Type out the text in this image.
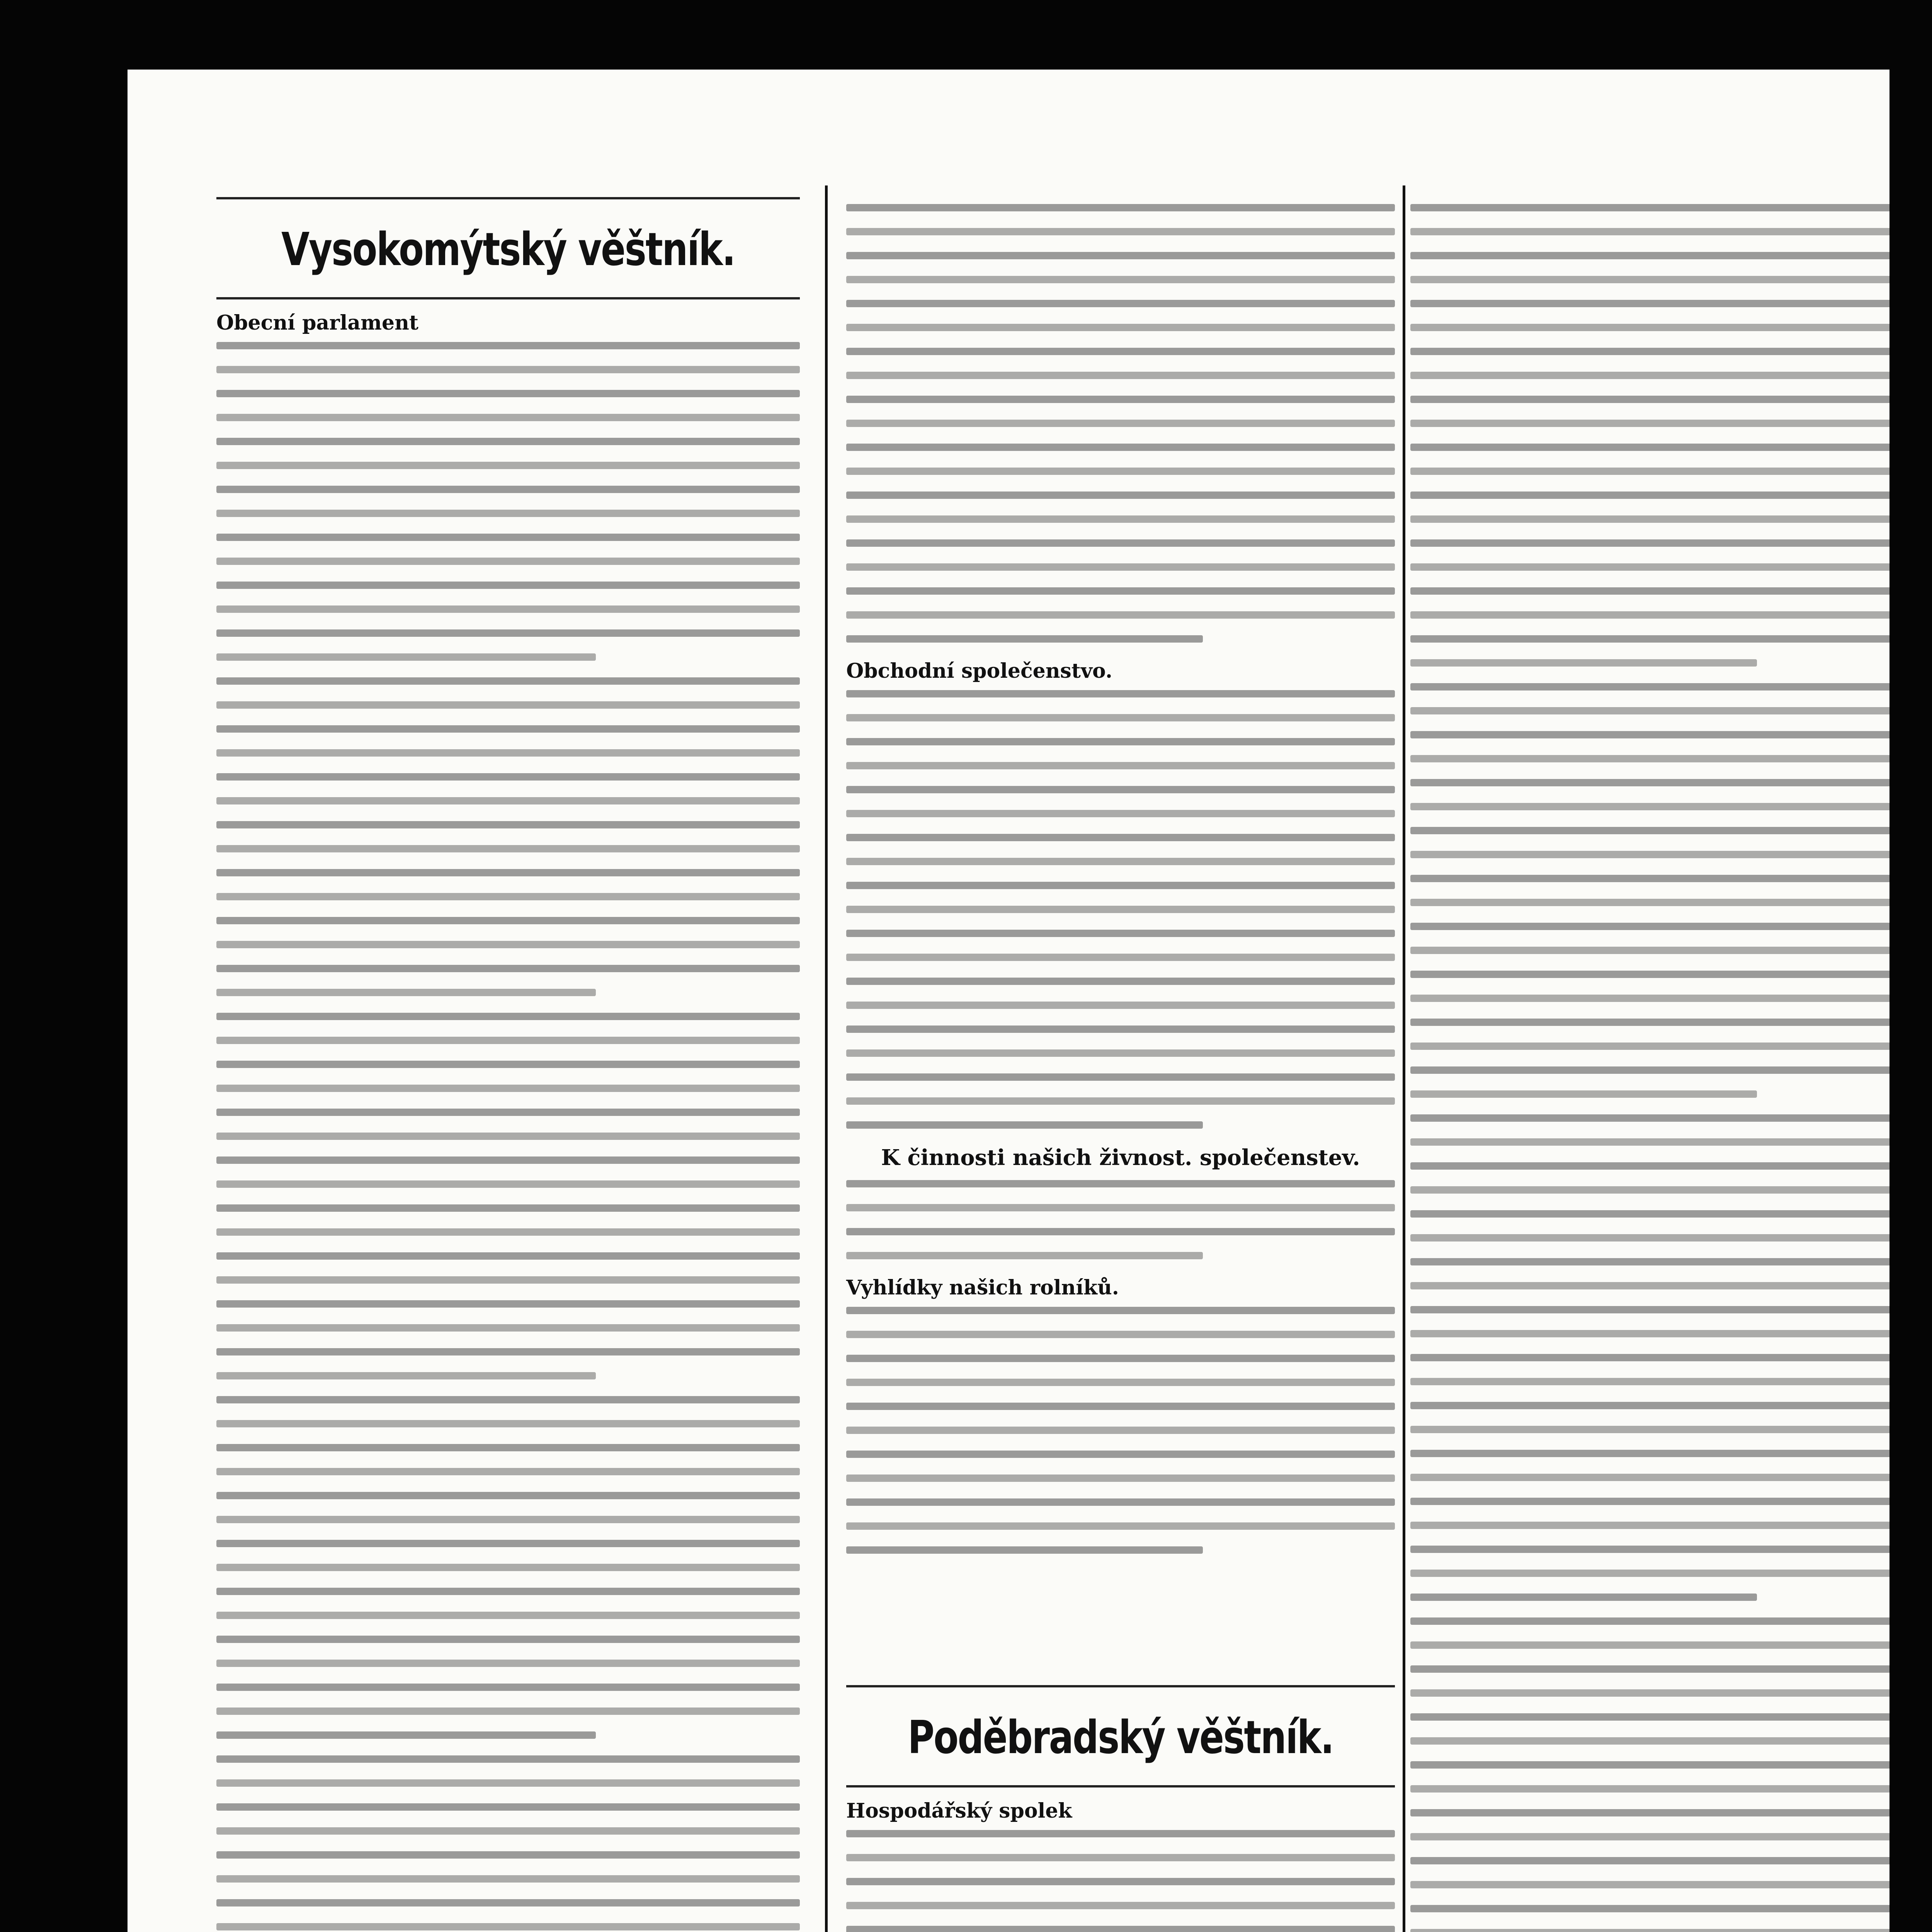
Vysokomýtský věštník.
Obecní parlament
Obchodní společenstvo.
K činnosti našich živnost. společenstev.
Vyhlídky našich rolníků.
Poděbradský věštník.
Hospodářský spolek
